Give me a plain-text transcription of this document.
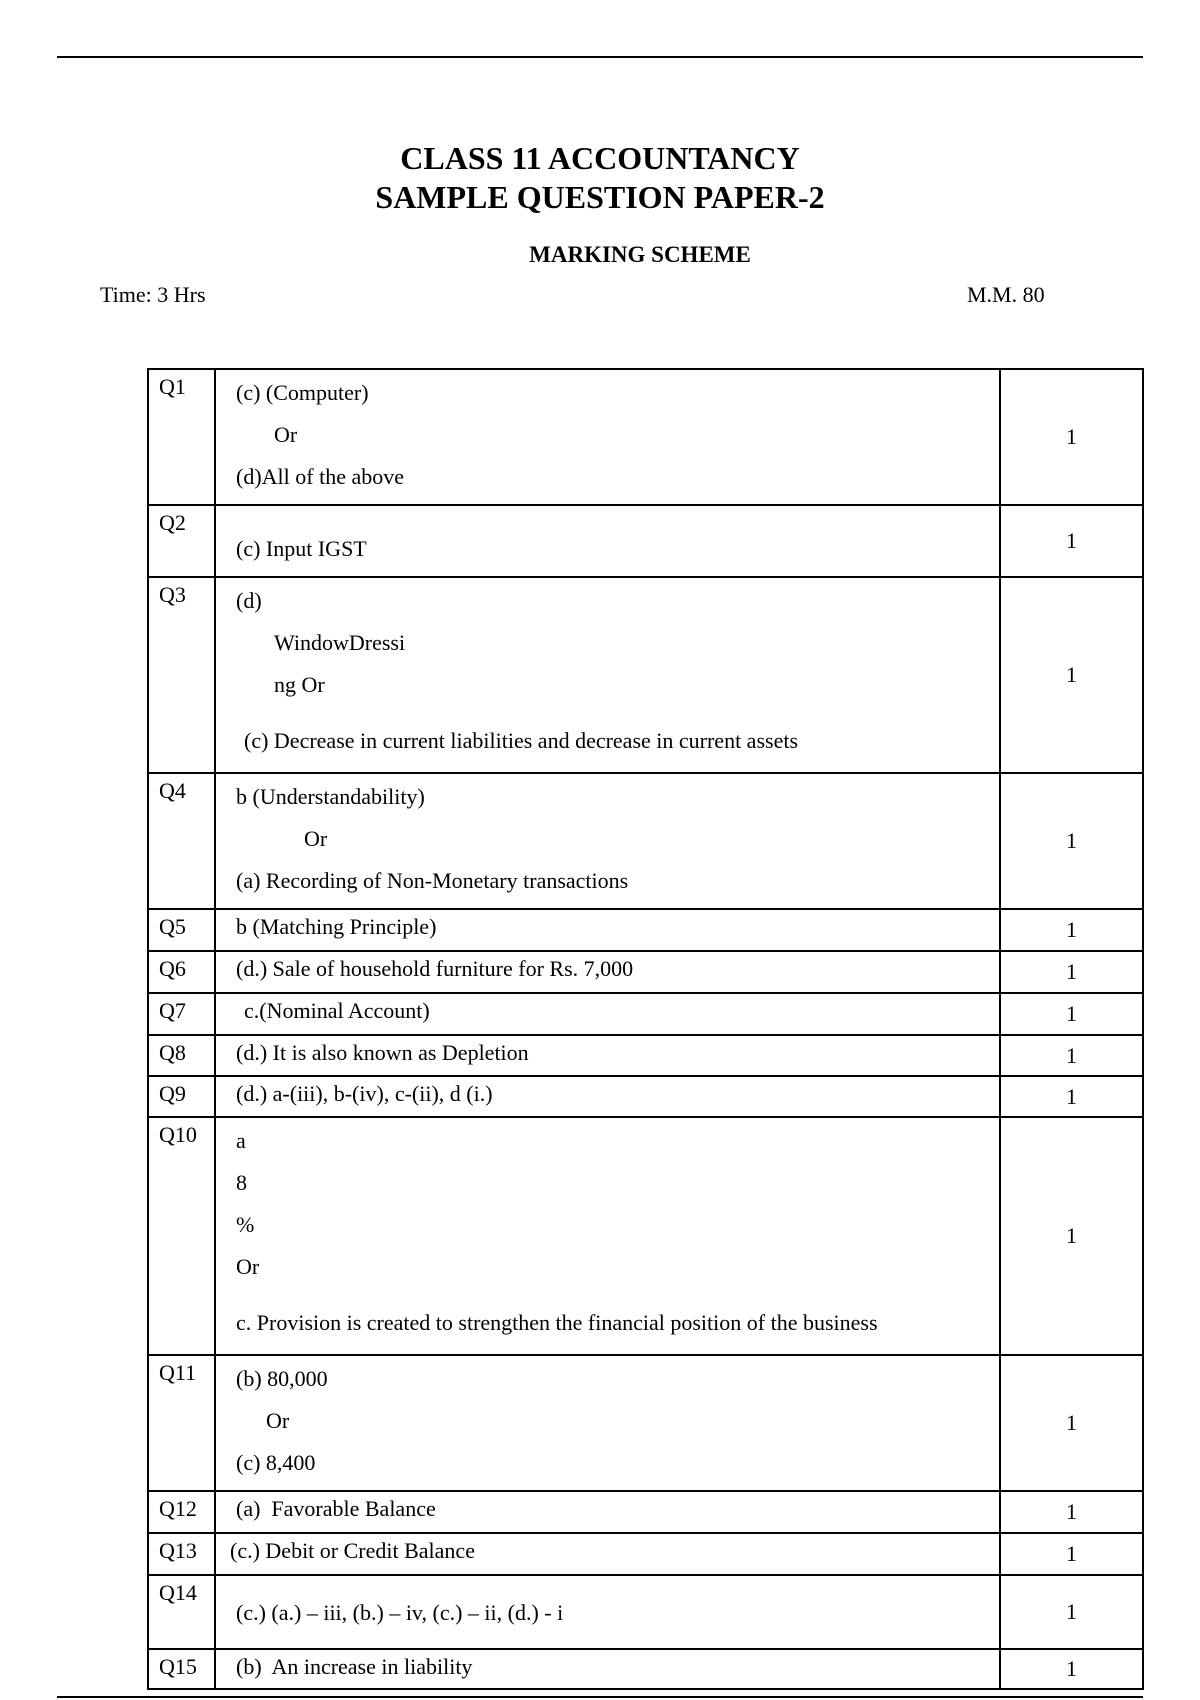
CLASS 11 ACCOUNTANCY
SAMPLE QUESTION PAPER-2
MARKING SCHEME
Time: 3 Hrs	M.M. 80
Q1	(c) (Computer)
Or
(d)All of the above	1
Q2	(c) Input IGST	1
Q3	(d)
WindowDressi
ng Or
(c) Decrease in current liabilities and decrease in current assets	1
Q4	b (Understandability)
Or
(a) Recording of Non-Monetary transactions	1
Q5	b (Matching Principle)	1
Q6	(d.) Sale of household furniture for Rs. 7,000	1
Q7	c.(Nominal Account)	1
Q8	(d.) It is also known as Depletion	1
Q9	(d.) a-(iii), b-(iv), c-(ii), d (i.)	1
Q10	a
8
%
Or
c. Provision is created to strengthen the financial position of the business	1
Q11	(b) 80,000
Or
(c) 8,400	1
Q12	(a)  Favorable Balance	1
Q13	(c.) Debit or Credit Balance	1
Q14	(c.) (a.) – iii, (b.) – iv, (c.) – ii, (d.) - i	1
Q15	(b)  An increase in liability	1
